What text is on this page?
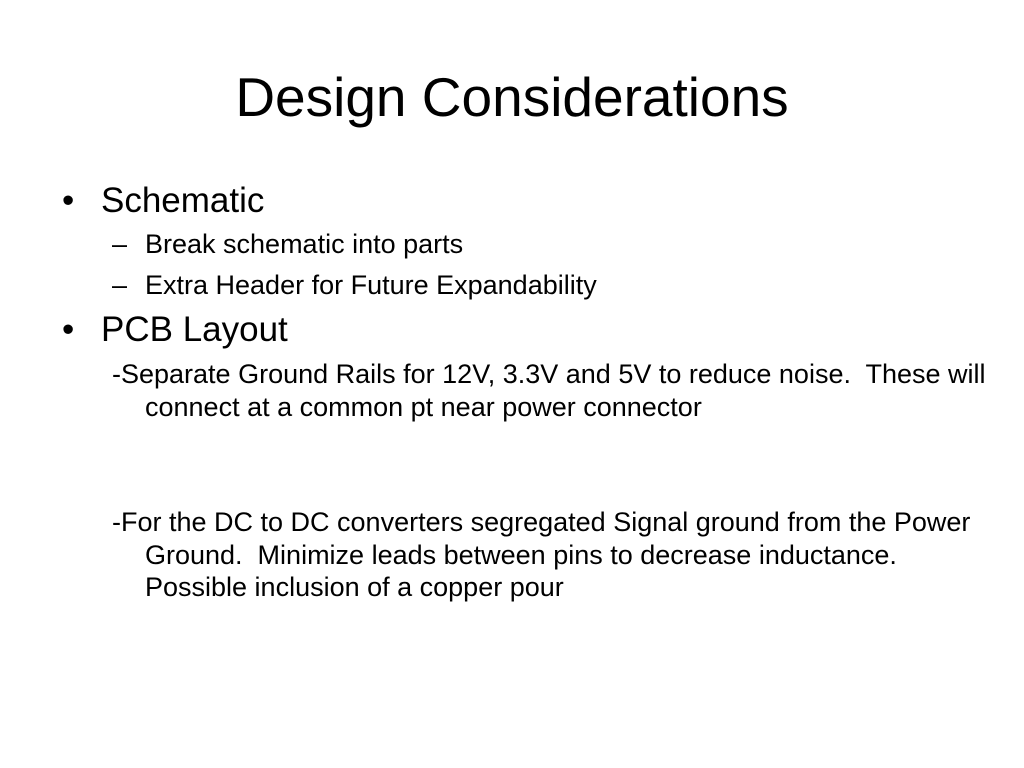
Design Considerations
• Schematic
– Break schematic into parts
– Extra Header for Future Expandability
• PCB Layout
-Separate Ground Rails for 12V, 3.3V and 5V to reduce noise.  These will connect at a common pt near power connector
-For the DC to DC converters segregated Signal ground from the Power Ground.  Minimize leads between pins to decrease inductance.  Possible inclusion of a copper pour
